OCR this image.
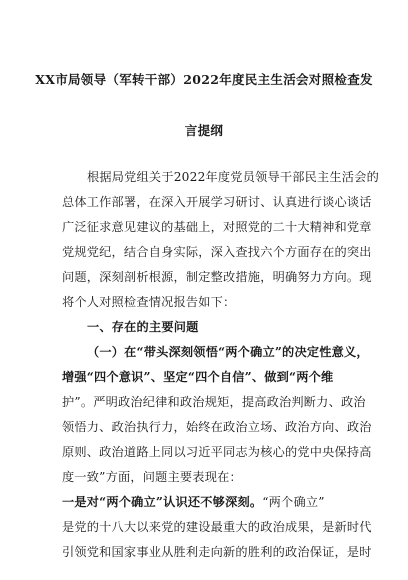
XX市局领导（军转干部）2022年度民主生活会对照检查发
言提纲
根据局党组关于2022年度党员领导干部民主生活会的
总体工作部署，在深入开展学习研讨、认真进行谈心谈话
广泛征求意见建议的基础上，对照党的二十大精神和党章
党规党纪，结合自身实际，深入查找六个方面存在的突出
问题，深刻剖析根源，制定整改措施，明确努力方向。现
将个人对照检查情况报告如下：
一、存在的主要问题
（一）在“带头深刻领悟“两个确立”的决定性意义，
增强“四个意识”、坚定“四个自信”、做到“两个维
护”。严明政治纪律和政治规矩，提高政治判断力、政治
领悟力、政治执行力，始终在政治立场、政治方向、政治
原则、政治道路上同以习近平同志为核心的党中央保持高
度一致”方面，问题主要表现在：
是党的十八大以来党的建设最重大的政治成果，是新时代
引领党和国家事业从胜利走向新的胜利的政治保证，是时
一是对“两个确立”认识还不够深刻。“两个确立”
